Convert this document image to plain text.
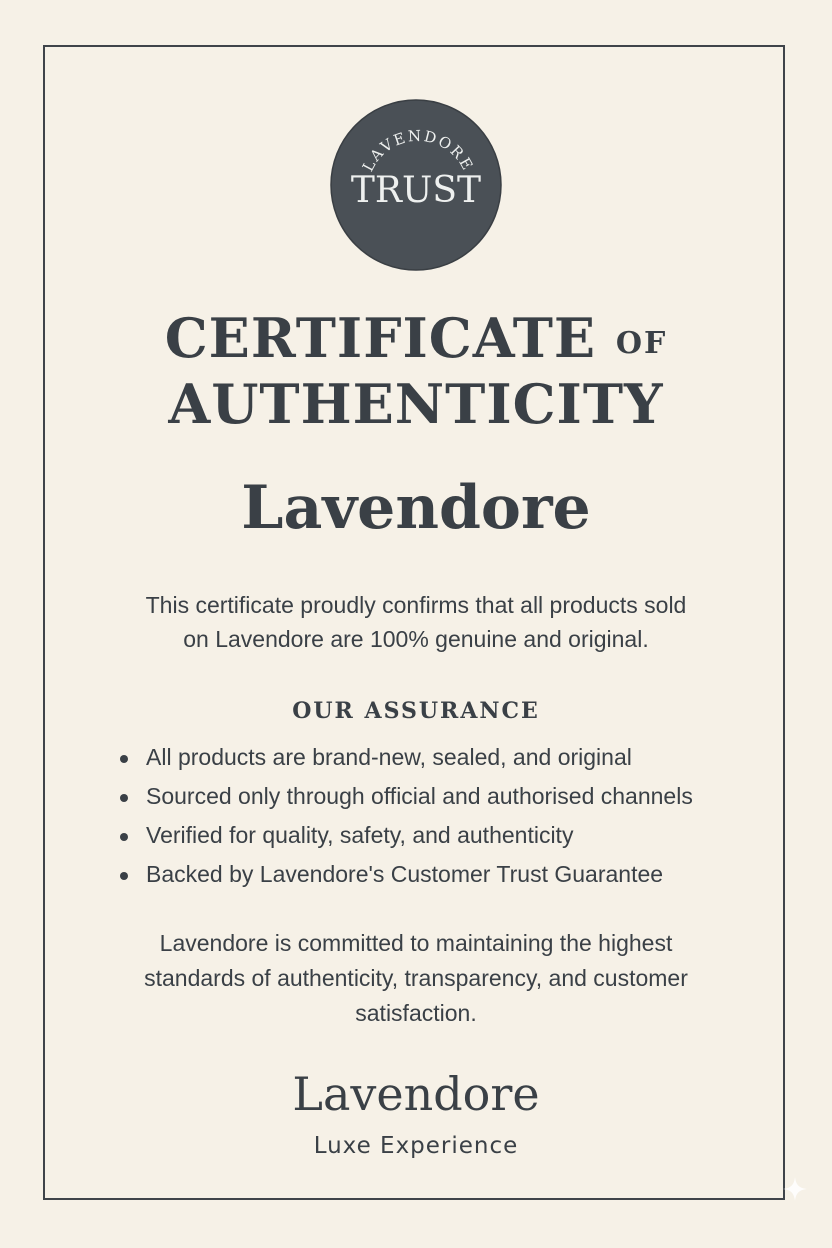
LAVENDORE
TRUST
CERTIFICATE OF
AUTHENTICITY
Lavendore

This certificate proudly confirms that all products sold
on Lavendore are 100% genuine and original.

OUR ASSURANCE
All products are brand-new, sealed, and original
Sourced only through official and authorised channels
Verified for quality, safety, and authenticity
Backed by Lavendore's Customer Trust Guarantee

Lavendore is committed to maintaining the highest
standards of authenticity, transparency, and customer
satisfaction.

Lavendore
Luxe Experience
